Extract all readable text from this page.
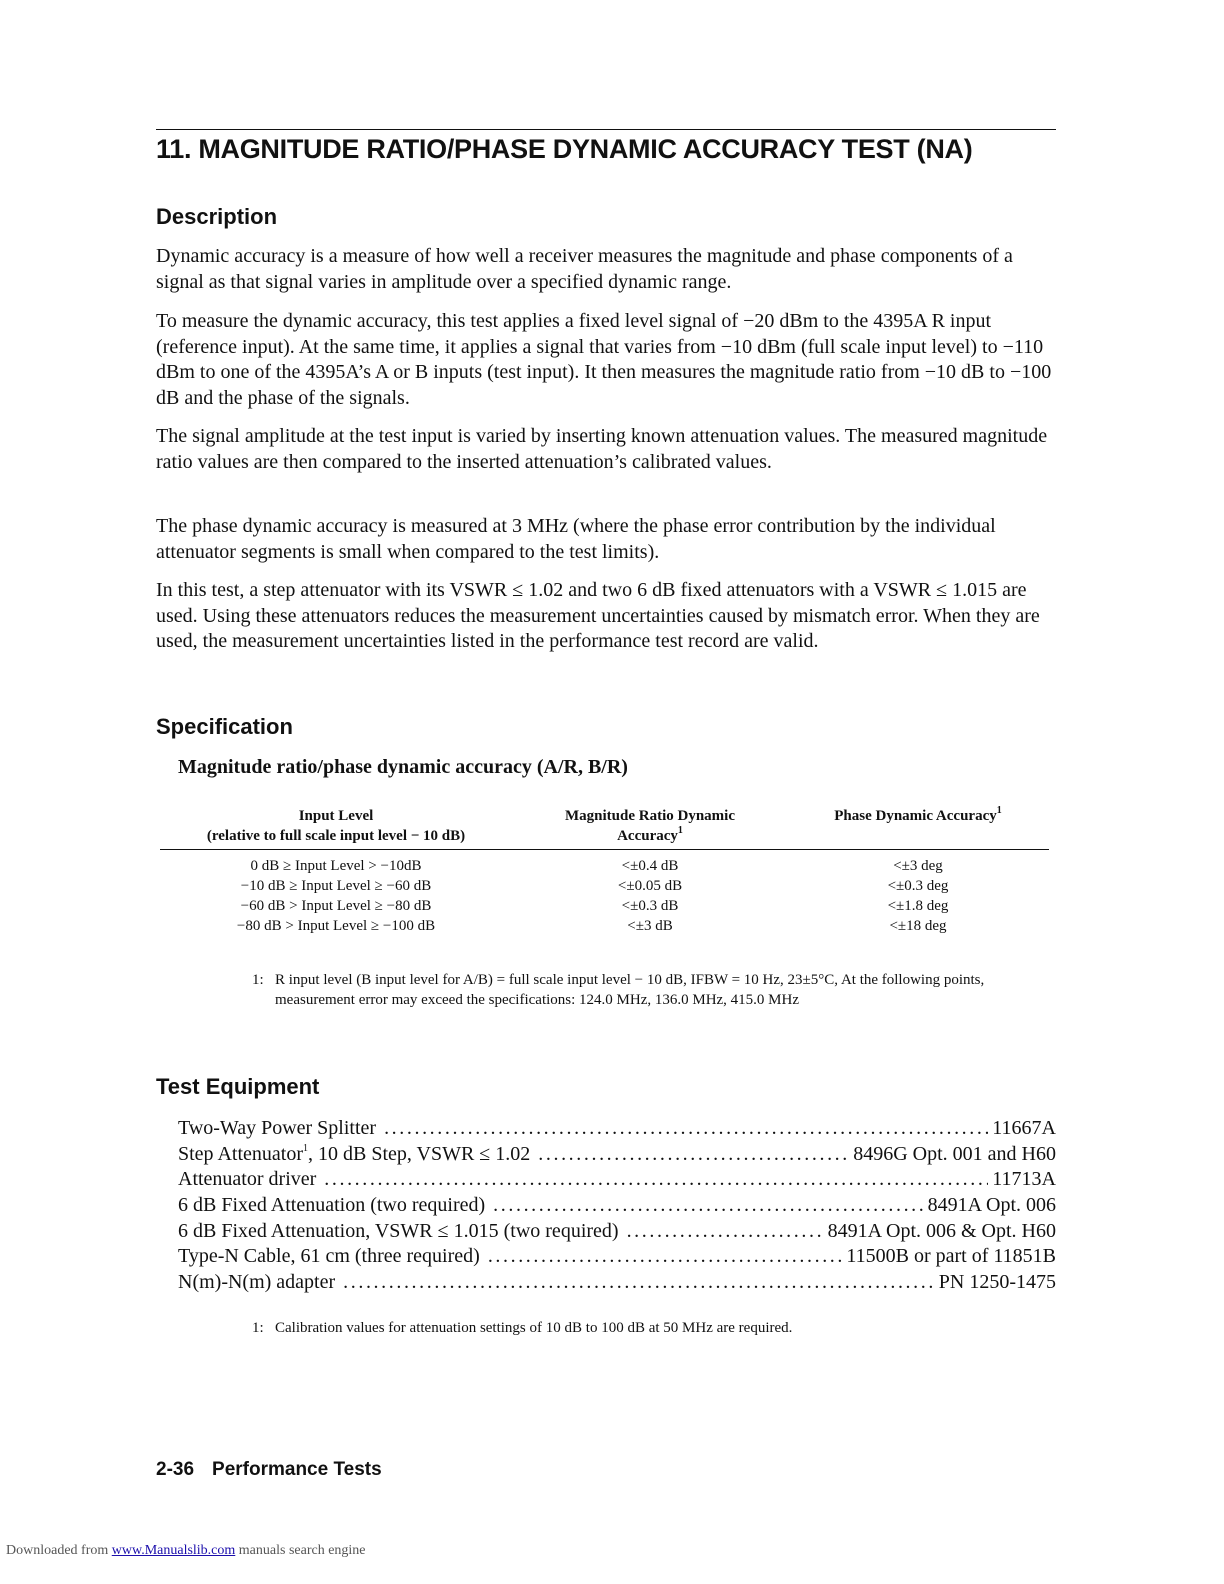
11. MAGNITUDE RATIO/PHASE DYNAMIC ACCURACY TEST (NA)
Description

Dynamic accuracy is a measure of how well a receiver measures the magnitude and phase components of a signal as that signal varies in amplitude over a specified dynamic range.

To measure the dynamic accuracy, this test applies a fixed level signal of −20 dBm to the 4395A R input (reference input). At the same time, it applies a signal that varies from −10 dBm (full scale input level) to −110 dBm to one of the 4395A’s A or B inputs (test input). It then measures the magnitude ratio from −10 dB to −100 dB and the phase of the signals.

The signal amplitude at the test input is varied by inserting known attenuation values. The measured magnitude ratio values are then compared to the inserted attenuation’s calibrated values.

The phase dynamic accuracy is measured at 3 MHz (where the phase error contribution by the individual attenuator segments is small when compared to the test limits).

In this test, a step attenuator with its VSWR ≤ 1.02 and two 6 dB fixed attenuators with a VSWR ≤ 1.015 are used. Using these attenuators reduces the measurement uncertainties caused by mismatch error. When they are used, the measurement uncertainties listed in the performance test record are valid.

Specification
Magnitude ratio/phase dynamic accuracy (A/R, B/R)
Input Level
(relative to full scale input level − 10 dB)
Magnitude Ratio Dynamic
Accuracy$^1$
Phase Dynamic Accuracy$^1$
0 dB ≥ Input Level > −10dB	<±0.4 dB	<±3 deg
−10 dB ≥ Input Level ≥ −60 dB	<±0.05 dB	<±0.3 deg
−60 dB > Input Level ≥ −80 dB	<±0.3 dB	<±1.8 deg
−80 dB > Input Level ≥ −100 dB	<±3 dB	<±18 deg
1: R input level (B input level for A/B) = full scale input level − 10 dB, IFBW = 10 Hz, 23±5°C, At the following points, measurement error may exceed the specifications: 124.0 MHz, 136.0 MHz, 415.0 MHz
Test Equipment
Two-Way Power Splitter .....	11667A
Step Attenuator$^1$, 10 dB Step, VSWR ≤ 1.02 .....	8496G Opt. 001 and H60
Attenuator driver .....	11713A
6 dB Fixed Attenuation (two required) .....	8491A Opt. 006
6 dB Fixed Attenuation, VSWR ≤ 1.015 (two required) .....	8491A Opt. 006 & Opt. H60
Type-N Cable, 61 cm (three required) .....	11500B or part of 11851B
N(m)-N(m) adapter .....	PN 1250-1475
1: Calibration values for attenuation settings of 10 dB to 100 dB at 50 MHz are required.
2-36 Performance Tests
Downloaded from www.Manualslib.com manuals search engine
